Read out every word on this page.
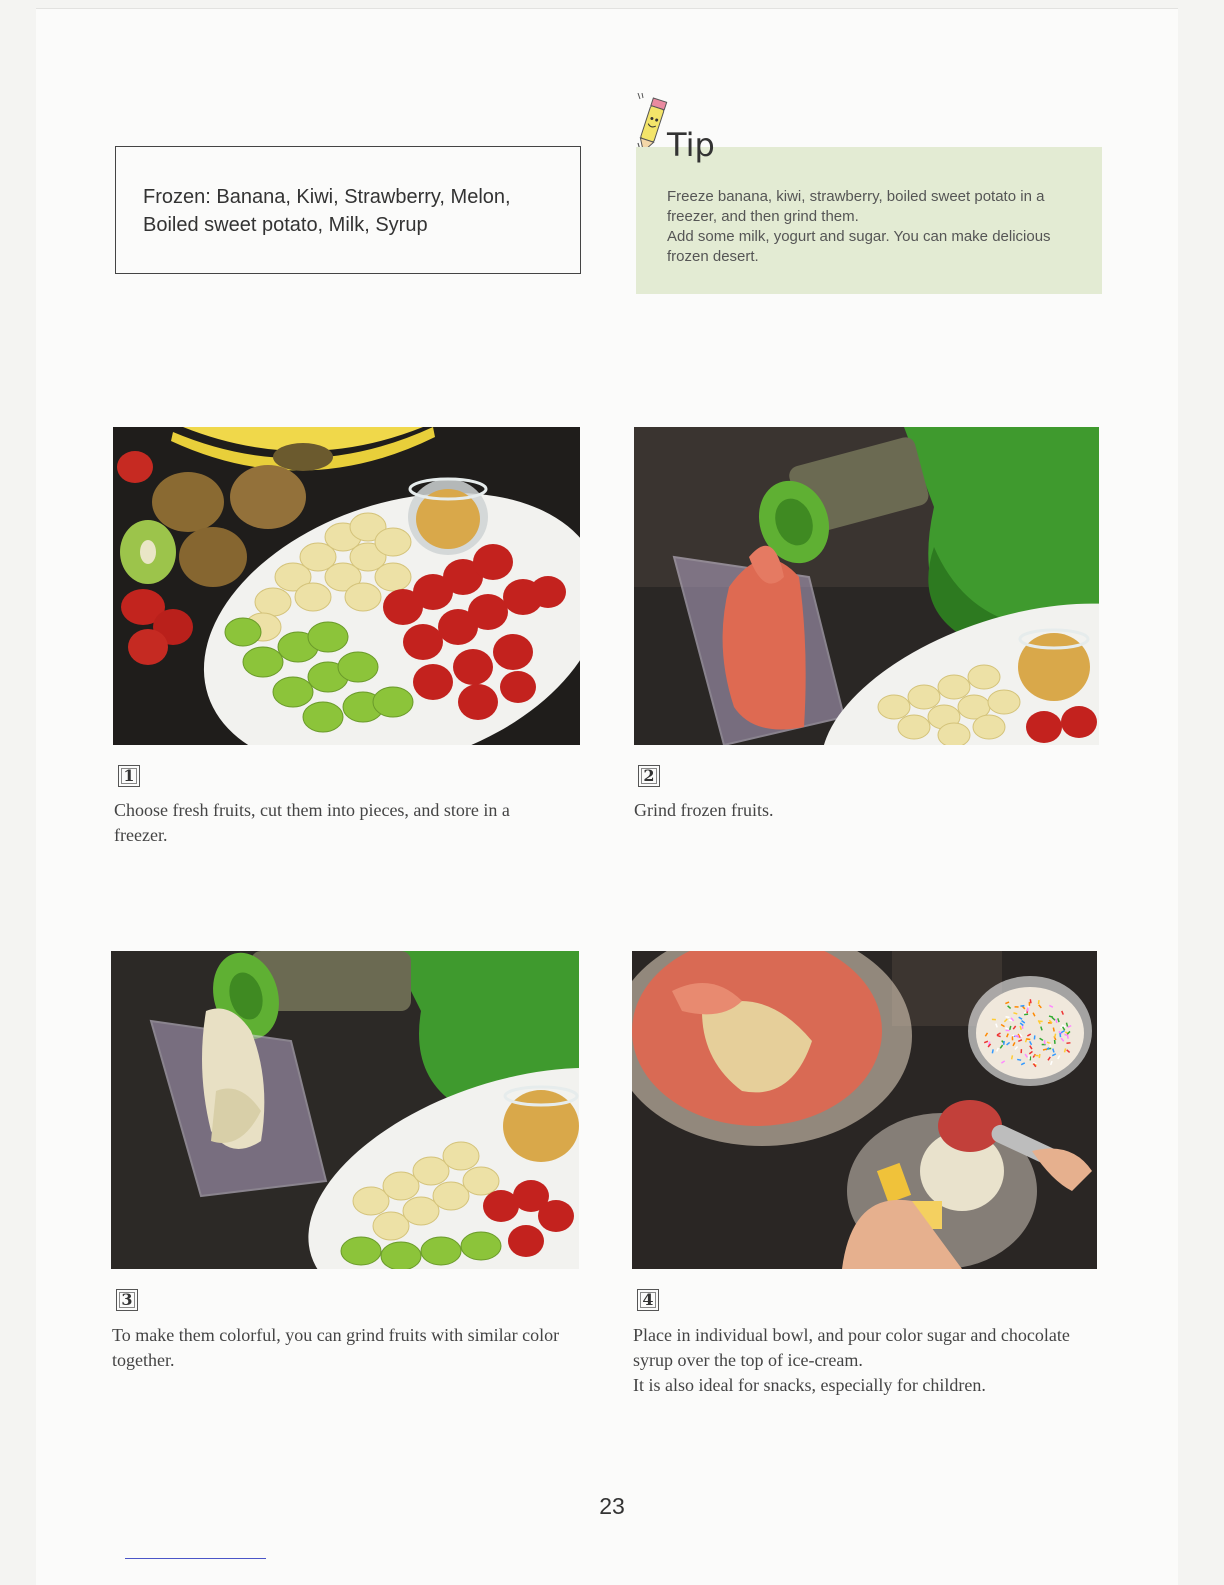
Frozen: Banana, Kiwi, Strawberry, Melon,
Boiled sweet potato, Milk, Syrup

Freeze banana, kiwi, strawberry, boiled sweet potato in a

freezer, and then grind them.

Add some milk, yogurt and sugar. You can make delicious

frozen desert.

Tip
1	2
3	4
Choose fresh fruits, cut them into pieces, and store in a
freezer.
Grind frozen fruits.
To make them colorful, you can grind fruits with similar color
together.
Place in individual bowl, and pour color sugar and chocolate
syrup over the top of ice-cream.
It is also ideal for snacks, especially for children.
23
